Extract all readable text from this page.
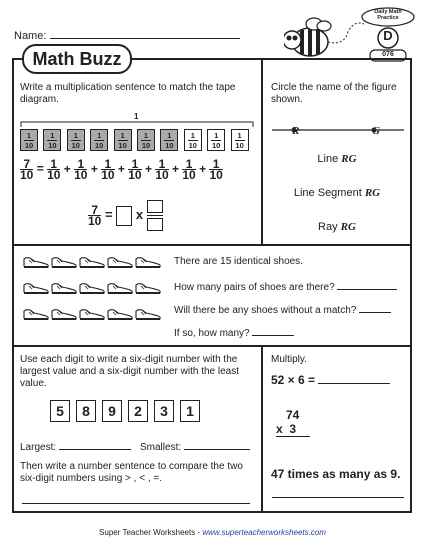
Name:
Daily Math Practice
D
076
Math Buzz
Write a multiplication sentence to match the tape diagram.
1
1
10
1
10
1
10
1
10
1
10
1
10
1
10
1
10
1
10
1
10
$\frac{7}{10} = \frac{1}{10} + \frac{1}{10} + \frac{1}{10} + \frac{1}{10} + \frac{1}{10} + \frac{1}{10} + \frac{1}{10}$
$\frac{7}{10} = x$
Circle the name of the figure shown.
R	G
Line RG
Line Segment RG
Ray RG
There are 15 identical shoes.
How many pairs of shoes are there?
Will there be any shoes without a match?
If so, how many?
Use each digit to write a six-digit number with the largest value and a six-digit number with the least value.
5	8	9	2	3	1
Largest:	Smallest:
Then write a number sentence to compare the two six-digit numbers using > , < , =.
Multiply.
52 × 6 =
74
x  3
47 times as many as 9.
Super Teacher Worksheets - www.superteacherworksheets.com
